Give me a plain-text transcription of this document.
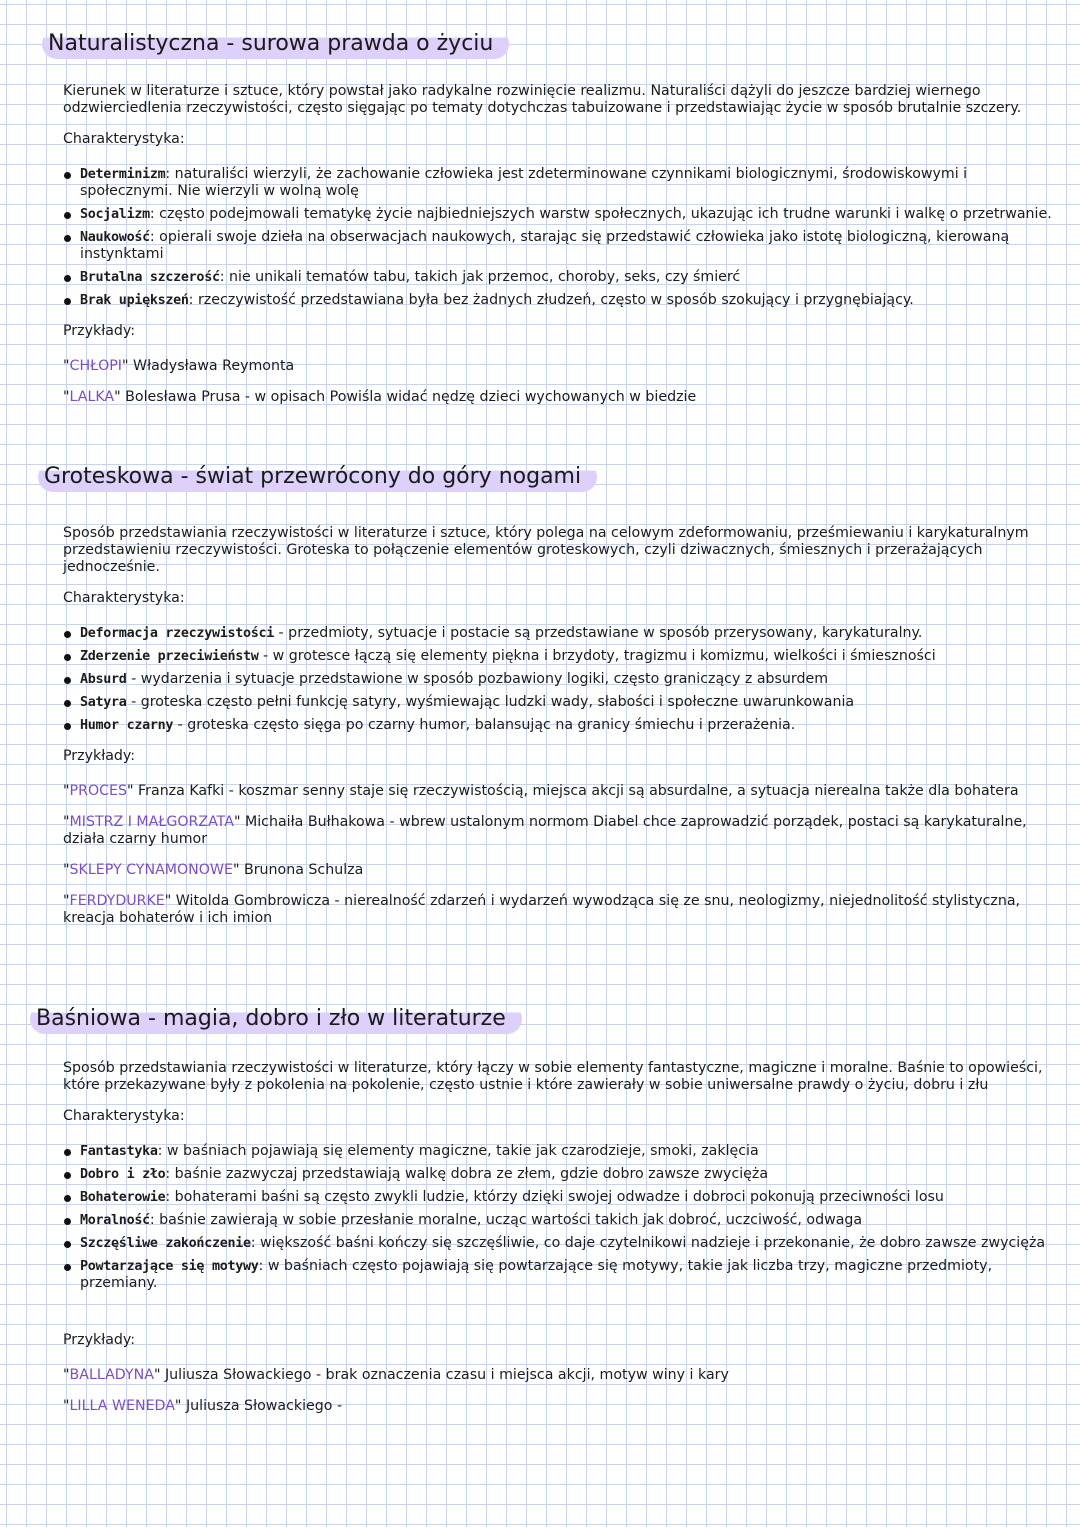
Naturalistyczna - surowa prawda o życiu

Kierunek w literaturze i sztuce, który powstał jako radykalne rozwinięcie realizmu. Naturaliści dążyli do jeszcze bardziej wiernego odzwierciedlenia rzeczywistości, często sięgając po tematy dotychczas tabuizowane i przedstawiając życie w sposób brutalnie szczery.

Charakterystyka:

Determinizm: naturaliści wierzyli, że zachowanie człowieka jest zdeterminowane czynnikami biologicznymi, środowiskowymi i społecznymi. Nie wierzyli w wolną wolę
Socjalizm: często podejmowali tematykę życie najbiedniejszych warstw społecznych, ukazując ich trudne warunki i walkę o przetrwanie.
Naukowość: opierali swoje dzieła na obserwacjach naukowych, starając się przedstawić człowieka jako istotę biologiczną, kierowaną instynktami
Brutalna szczerość: nie unikali tematów tabu, takich jak przemoc, choroby, seks, czy śmierć
Brak upiększeń: rzeczywistość przedstawiana była bez żadnych złudzeń, często w sposób szokujący i przygnębiający.

Przykłady:

"CHŁOPI" Władysława Reymonta

"LALKA" Bolesława Prusa - w opisach Powiśla widać nędzę dzieci wychowanych w biedzie

Groteskowa - świat przewrócony do góry nogami

Sposób przedstawiania rzeczywistości w literaturze i sztuce, który polega na celowym zdeformowaniu, prześmiewaniu i karykaturalnym przedstawieniu rzeczywistości. Groteska to połączenie elementów groteskowych, czyli dziwacznych, śmiesznych i przerażających jednocześnie.

Charakterystyka:

Deformacja rzeczywistości - przedmioty, sytuacje i postacie są przedstawiane w sposób przerysowany, karykaturalny.
Zderzenie przeciwieństw - w grotesce łączą się elementy piękna i brzydoty, tragizmu i komizmu, wielkości i śmieszności
Absurd - wydarzenia i sytuacje przedstawione w sposób pozbawiony logiki, często graniczący z absurdem
Satyra - groteska często pełni funkcję satyry, wyśmiewając ludzki wady, słabości i społeczne uwarunkowania
Humor czarny - groteska często sięga po czarny humor, balansując na granicy śmiechu i przerażenia.

Przykłady:

"PROCES" Franza Kafki - koszmar senny staje się rzeczywistością, miejsca akcji są absurdalne, a sytuacja nierealna także dla bohatera

"MISTRZ I MAŁGORZATA" Michaiła Bułhakowa - wbrew ustalonym normom Diabel chce zaprowadzić porządek, postaci są karykaturalne, działa czarny humor

"SKLEPY CYNAMONOWE" Brunona Schulza

"FERDYDURKE" Witolda Gombrowicza - nierealność zdarzeń i wydarzeń wywodząca się ze snu, neologizmy, niejednolitość stylistyczna, kreacja bohaterów i ich imion

Baśniowa - magia, dobro i zło w literaturze

Sposób przedstawiania rzeczywistości w literaturze, który łączy w sobie elementy fantastyczne, magiczne i moralne. Baśnie to opowieści, które przekazywane były z pokolenia na pokolenie, często ustnie i które zawierały w sobie uniwersalne prawdy o życiu, dobru i złu

Charakterystyka:

Fantastyka: w baśniach pojawiają się elementy magiczne, takie jak czarodzieje, smoki, zaklęcia
Dobro i zło: baśnie zazwyczaj przedstawiają walkę dobra ze złem, gdzie dobro zawsze zwycięża
Bohaterowie: bohaterami baśni są często zwykli ludzie, którzy dzięki swojej odwadze i dobroci pokonują przeciwności losu
Moralność: baśnie zawierają w sobie przesłanie moralne, ucząc wartości takich jak dobroć, uczciwość, odwaga
Szczęśliwe zakończenie: większość baśni kończy się szczęśliwie, co daje czytelnikowi nadzieje i przekonanie, że dobro zawsze zwycięża
Powtarzające się motywy: w baśniach często pojawiają się powtarzające się motywy, takie jak liczba trzy, magiczne przedmioty, przemiany.

Przykłady:

"BALLADYNA" Juliusza Słowackiego - brak oznaczenia czasu i miejsca akcji, motyw winy i kary

"LILLA WENEDA" Juliusza Słowackiego -
